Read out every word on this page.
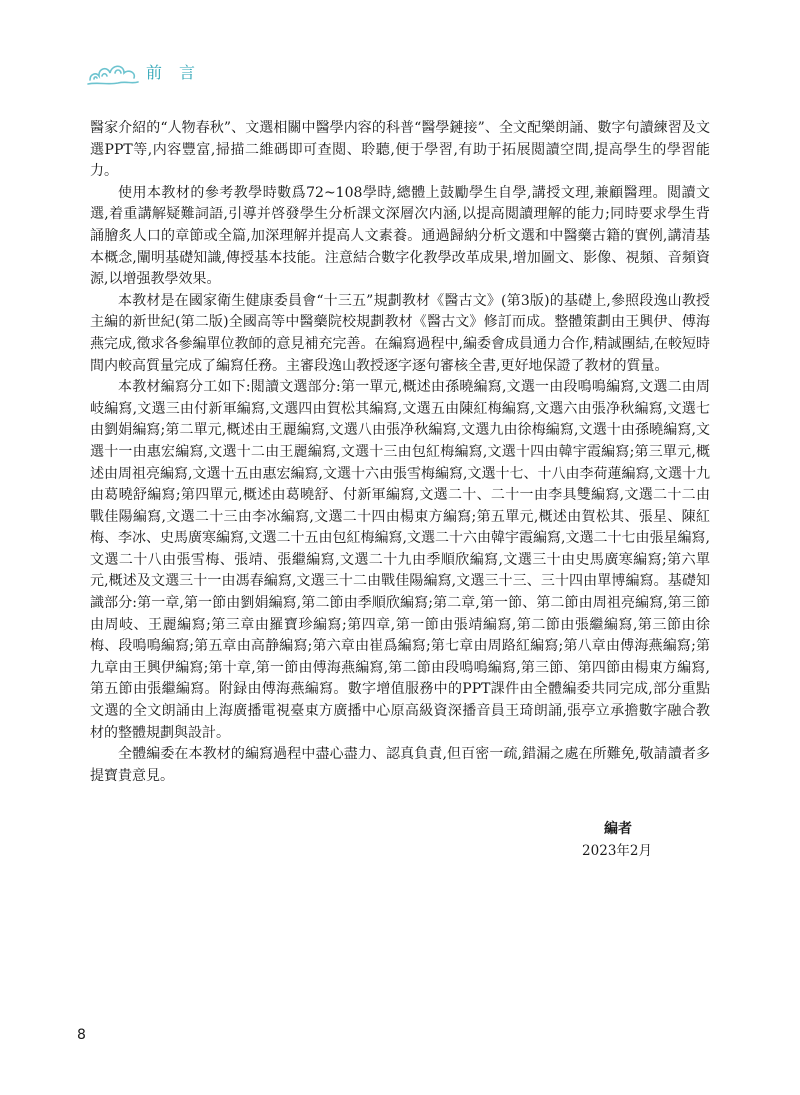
前言

醫家介紹的“人物春秋”、文選相關中醫學内容的科普“醫學鏈接”、全文配樂朗誦、數字句讀練習及文選PPT等,内容豐富,掃描二維碼即可查閲、聆聽,便于學習,有助于拓展閲讀空間,提高學生的學習能力。

使用本教材的參考教學時數爲72~108學時,總體上鼓勵學生自學,講授文理,兼顧醫理。閲讀文選,着重講解疑難詞語,引導并啓發學生分析課文深層次内涵,以提高閲讀理解的能力;同時要求學生背誦膾炙人口的章節或全篇,加深理解并提高人文素養。通過歸納分析文選和中醫藥古籍的實例,講清基本概念,闡明基礎知識,傳授基本技能。注意結合數字化教學改革成果,增加圖文、影像、視頻、音頻資源,以增强教學效果。

本教材是在國家衛生健康委員會“十三五”規劃教材《醫古文》(第3版)的基礎上,參照段逸山教授主編的新世紀(第二版)全國高等中醫藥院校規劃教材《醫古文》修訂而成。整體策劃由王興伊、傅海燕完成,徵求各參編單位教師的意見補充完善。在編寫過程中,編委會成員通力合作,精誠團結,在較短時間内較高質量完成了編寫任務。主審段逸山教授逐字逐句審核全書,更好地保證了教材的質量。

本教材編寫分工如下:閲讀文選部分:第一單元,概述由孫曉編寫,文選一由段鳴鳴編寫,文選二由周岐編寫,文選三由付新軍編寫,文選四由賀松其編寫,文選五由陳紅梅編寫,文選六由張净秋編寫,文選七由劉娟編寫;第二單元,概述由王麗編寫,文選八由張净秋編寫,文選九由徐梅編寫,文選十由孫曉編寫,文選十一由惠宏編寫,文選十二由王麗編寫,文選十三由包紅梅編寫,文選十四由韓宇霞編寫;第三單元,概述由周祖亮編寫,文選十五由惠宏編寫,文選十六由張雪梅編寫,文選十七、十八由李荷蓮編寫,文選十九由葛曉舒編寫;第四單元,概述由葛曉舒、付新軍編寫,文選二十、二十一由李具雙編寫,文選二十二由戰佳陽編寫,文選二十三由李冰編寫,文選二十四由楊東方編寫;第五單元,概述由賀松其、張星、陳紅梅、李冰、史馬廣寒編寫,文選二十五由包紅梅編寫,文選二十六由韓宇霞編寫,文選二十七由張星編寫,文選二十八由張雪梅、張靖、張繼編寫,文選二十九由季順欣編寫,文選三十由史馬廣寒編寫;第六單元,概述及文選三十一由馮春編寫,文選三十二由戰佳陽編寫,文選三十三、三十四由單博編寫。基礎知識部分:第一章,第一節由劉娟編寫,第二節由季順欣編寫;第二章,第一節、第二節由周祖亮編寫,第三節由周岐、王麗編寫;第三章由羅寶珍編寫;第四章,第一節由張靖編寫,第二節由張繼編寫,第三節由徐梅、段鳴鳴編寫;第五章由高静編寫;第六章由崔爲編寫;第七章由周路紅編寫;第八章由傅海燕編寫;第九章由王興伊編寫;第十章,第一節由傅海燕編寫,第二節由段鳴鳴編寫,第三節、第四節由楊東方編寫,第五節由張繼編寫。附録由傅海燕編寫。數字增值服務中的PPT課件由全體編委共同完成,部分重點文選的全文朗誦由上海廣播電視臺東方廣播中心原高級資深播音員王琦朗誦,張亭立承擔數字融合教材的整體規劃與設計。

全體編委在本教材的編寫過程中盡心盡力、認真負責,但百密一疏,錯漏之處在所難免,敬請讀者多提寶貴意見。

編者
2023年2月
8
